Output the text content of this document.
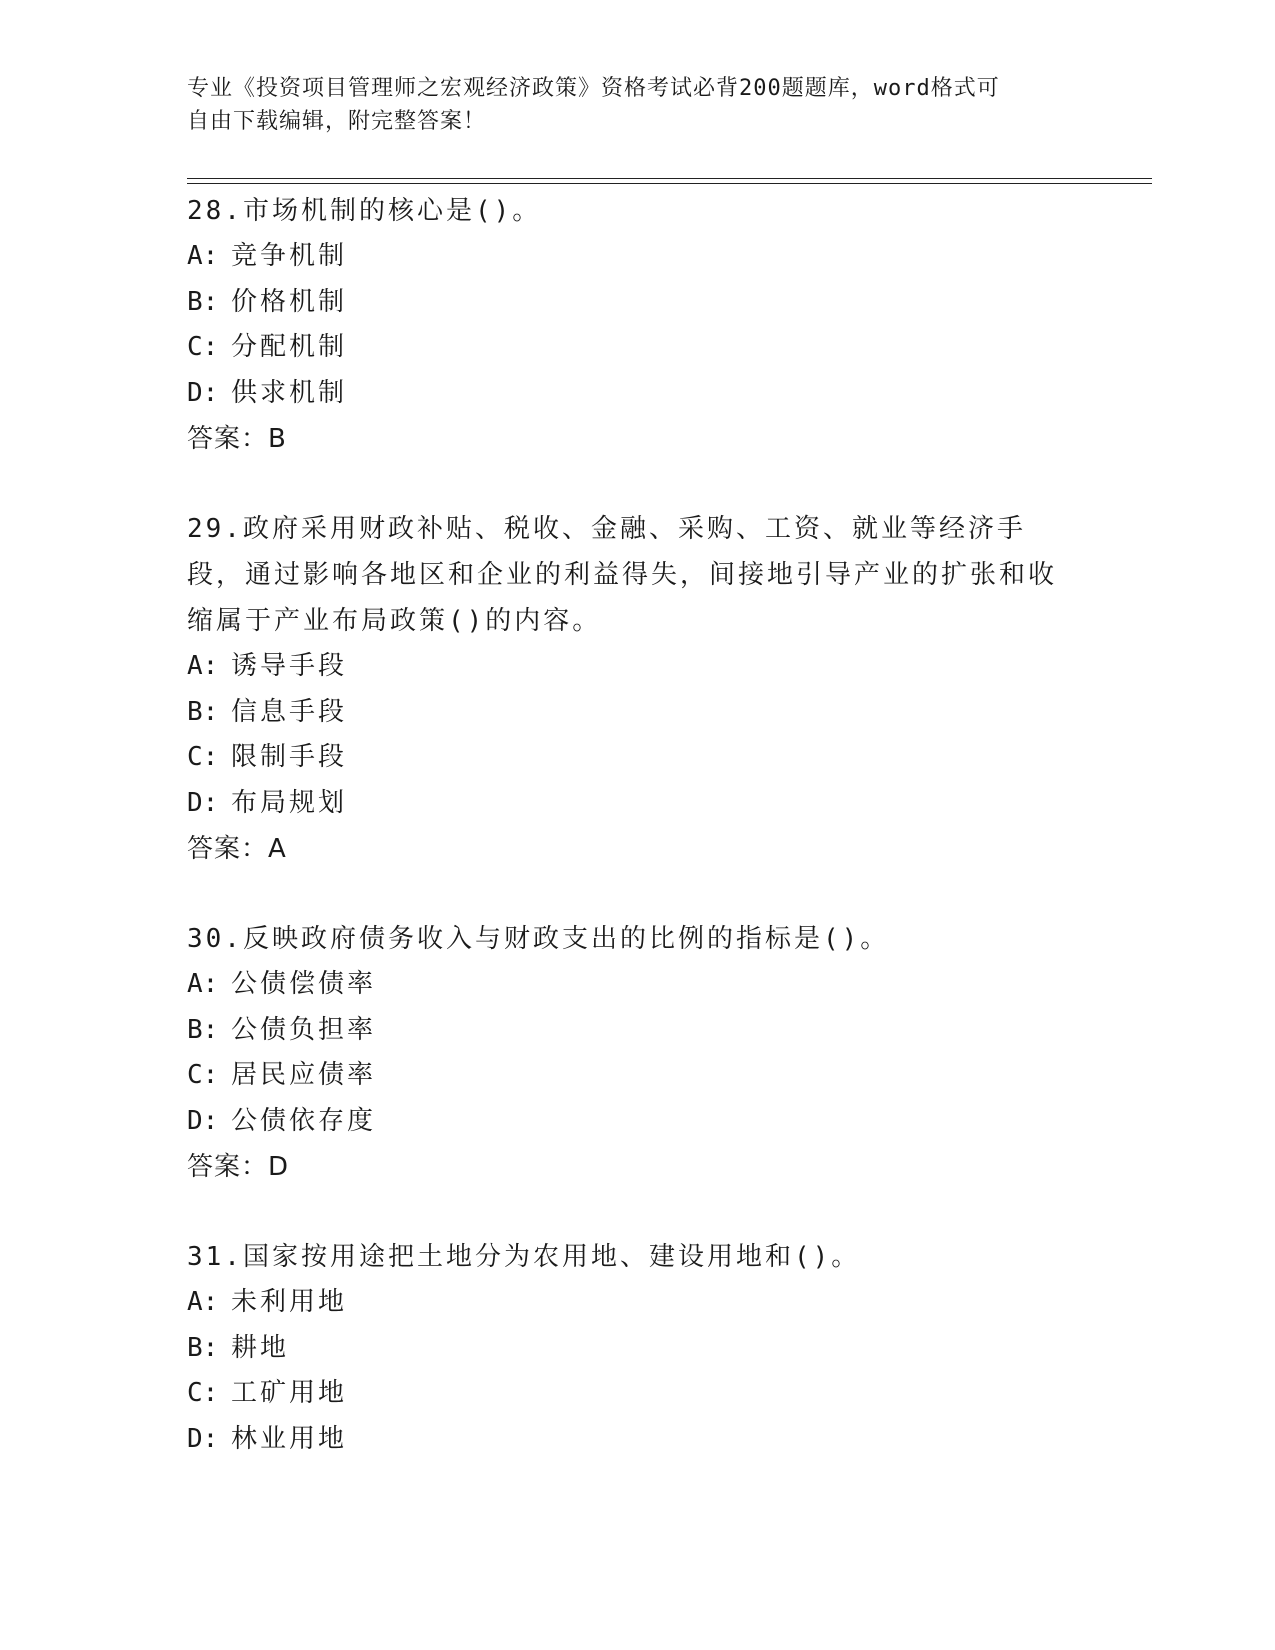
专业《投资项目管理师之宏观经济政策》资格考试必背200题题库，word格式可
自由下载编辑，附完整答案！

28.市场机制的核心是()。

A: 竞争机制

B: 价格机制

C: 分配机制

D: 供求机制

答案：B

29.政府采用财政补贴、税收、金融、采购、工资、就业等经济手段，通过影响各地区和企业的利益得失，间接地引导产业的扩张和收缩属于产业布局政策()的内容。

A: 诱导手段

B: 信息手段

C: 限制手段

D: 布局规划

答案：A

30.反映政府债务收入与财政支出的比例的指标是()。

A: 公债偿债率

B: 公债负担率

C: 居民应债率

D: 公债依存度

答案：D

31.国家按用途把土地分为农用地、建设用地和()。

A: 未利用地

B: 耕地

C: 工矿用地

D: 林业用地
